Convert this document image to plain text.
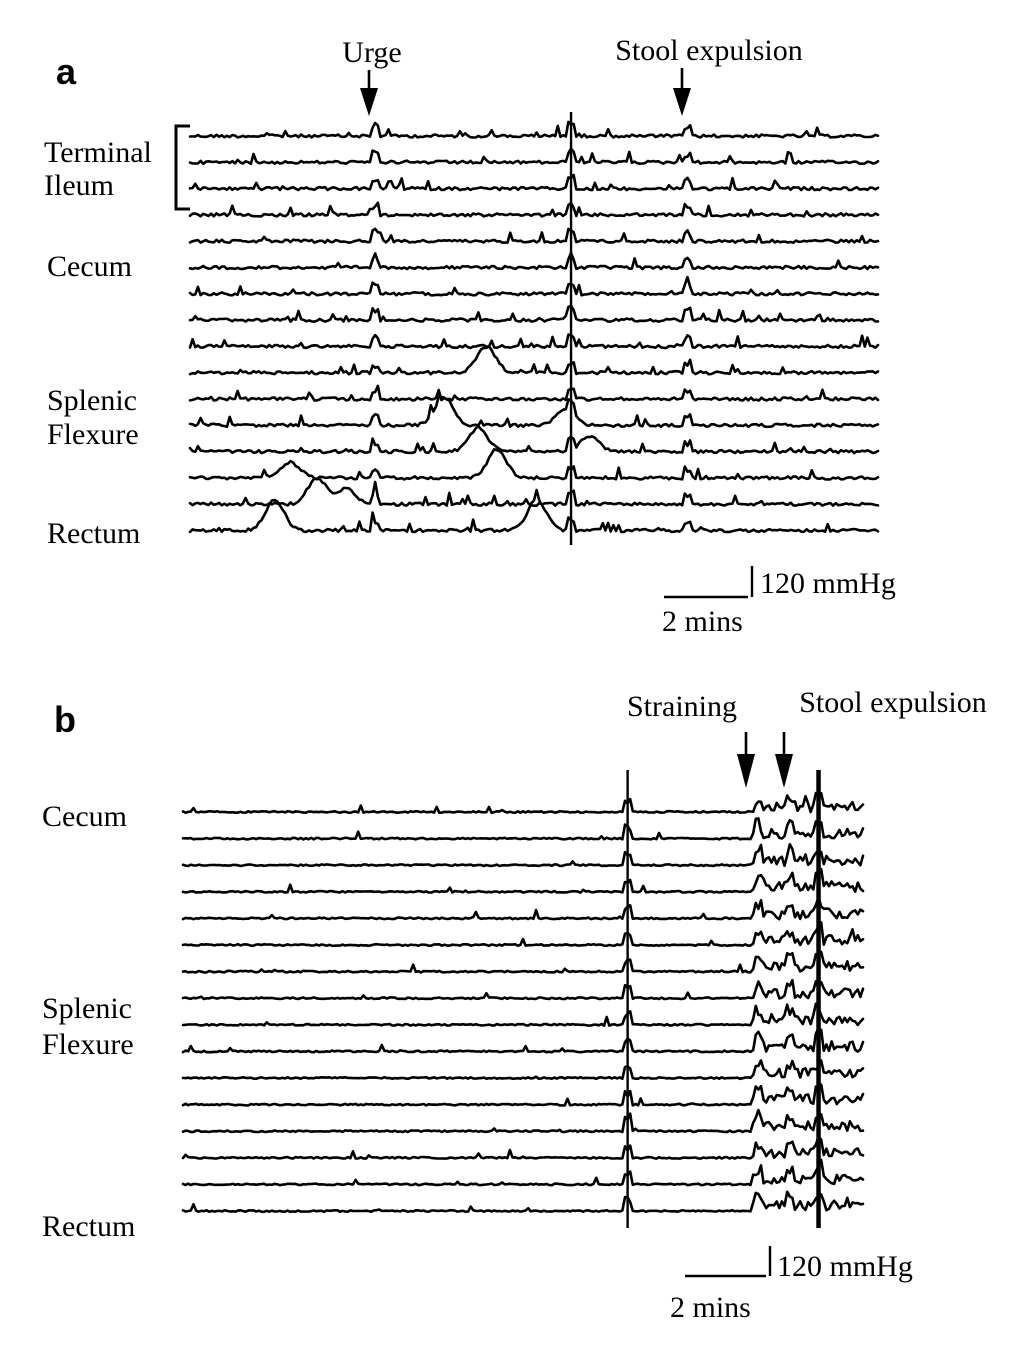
a
Terminal
Ileum
Cecum
Splenic
Flexure
Rectum
Urge	Stool expulsion
120 mmHg
2 mins
b
Cecum
Splenic
Flexure
Rectum
Straining Stool expulsion
120 mmHg
2 mins
